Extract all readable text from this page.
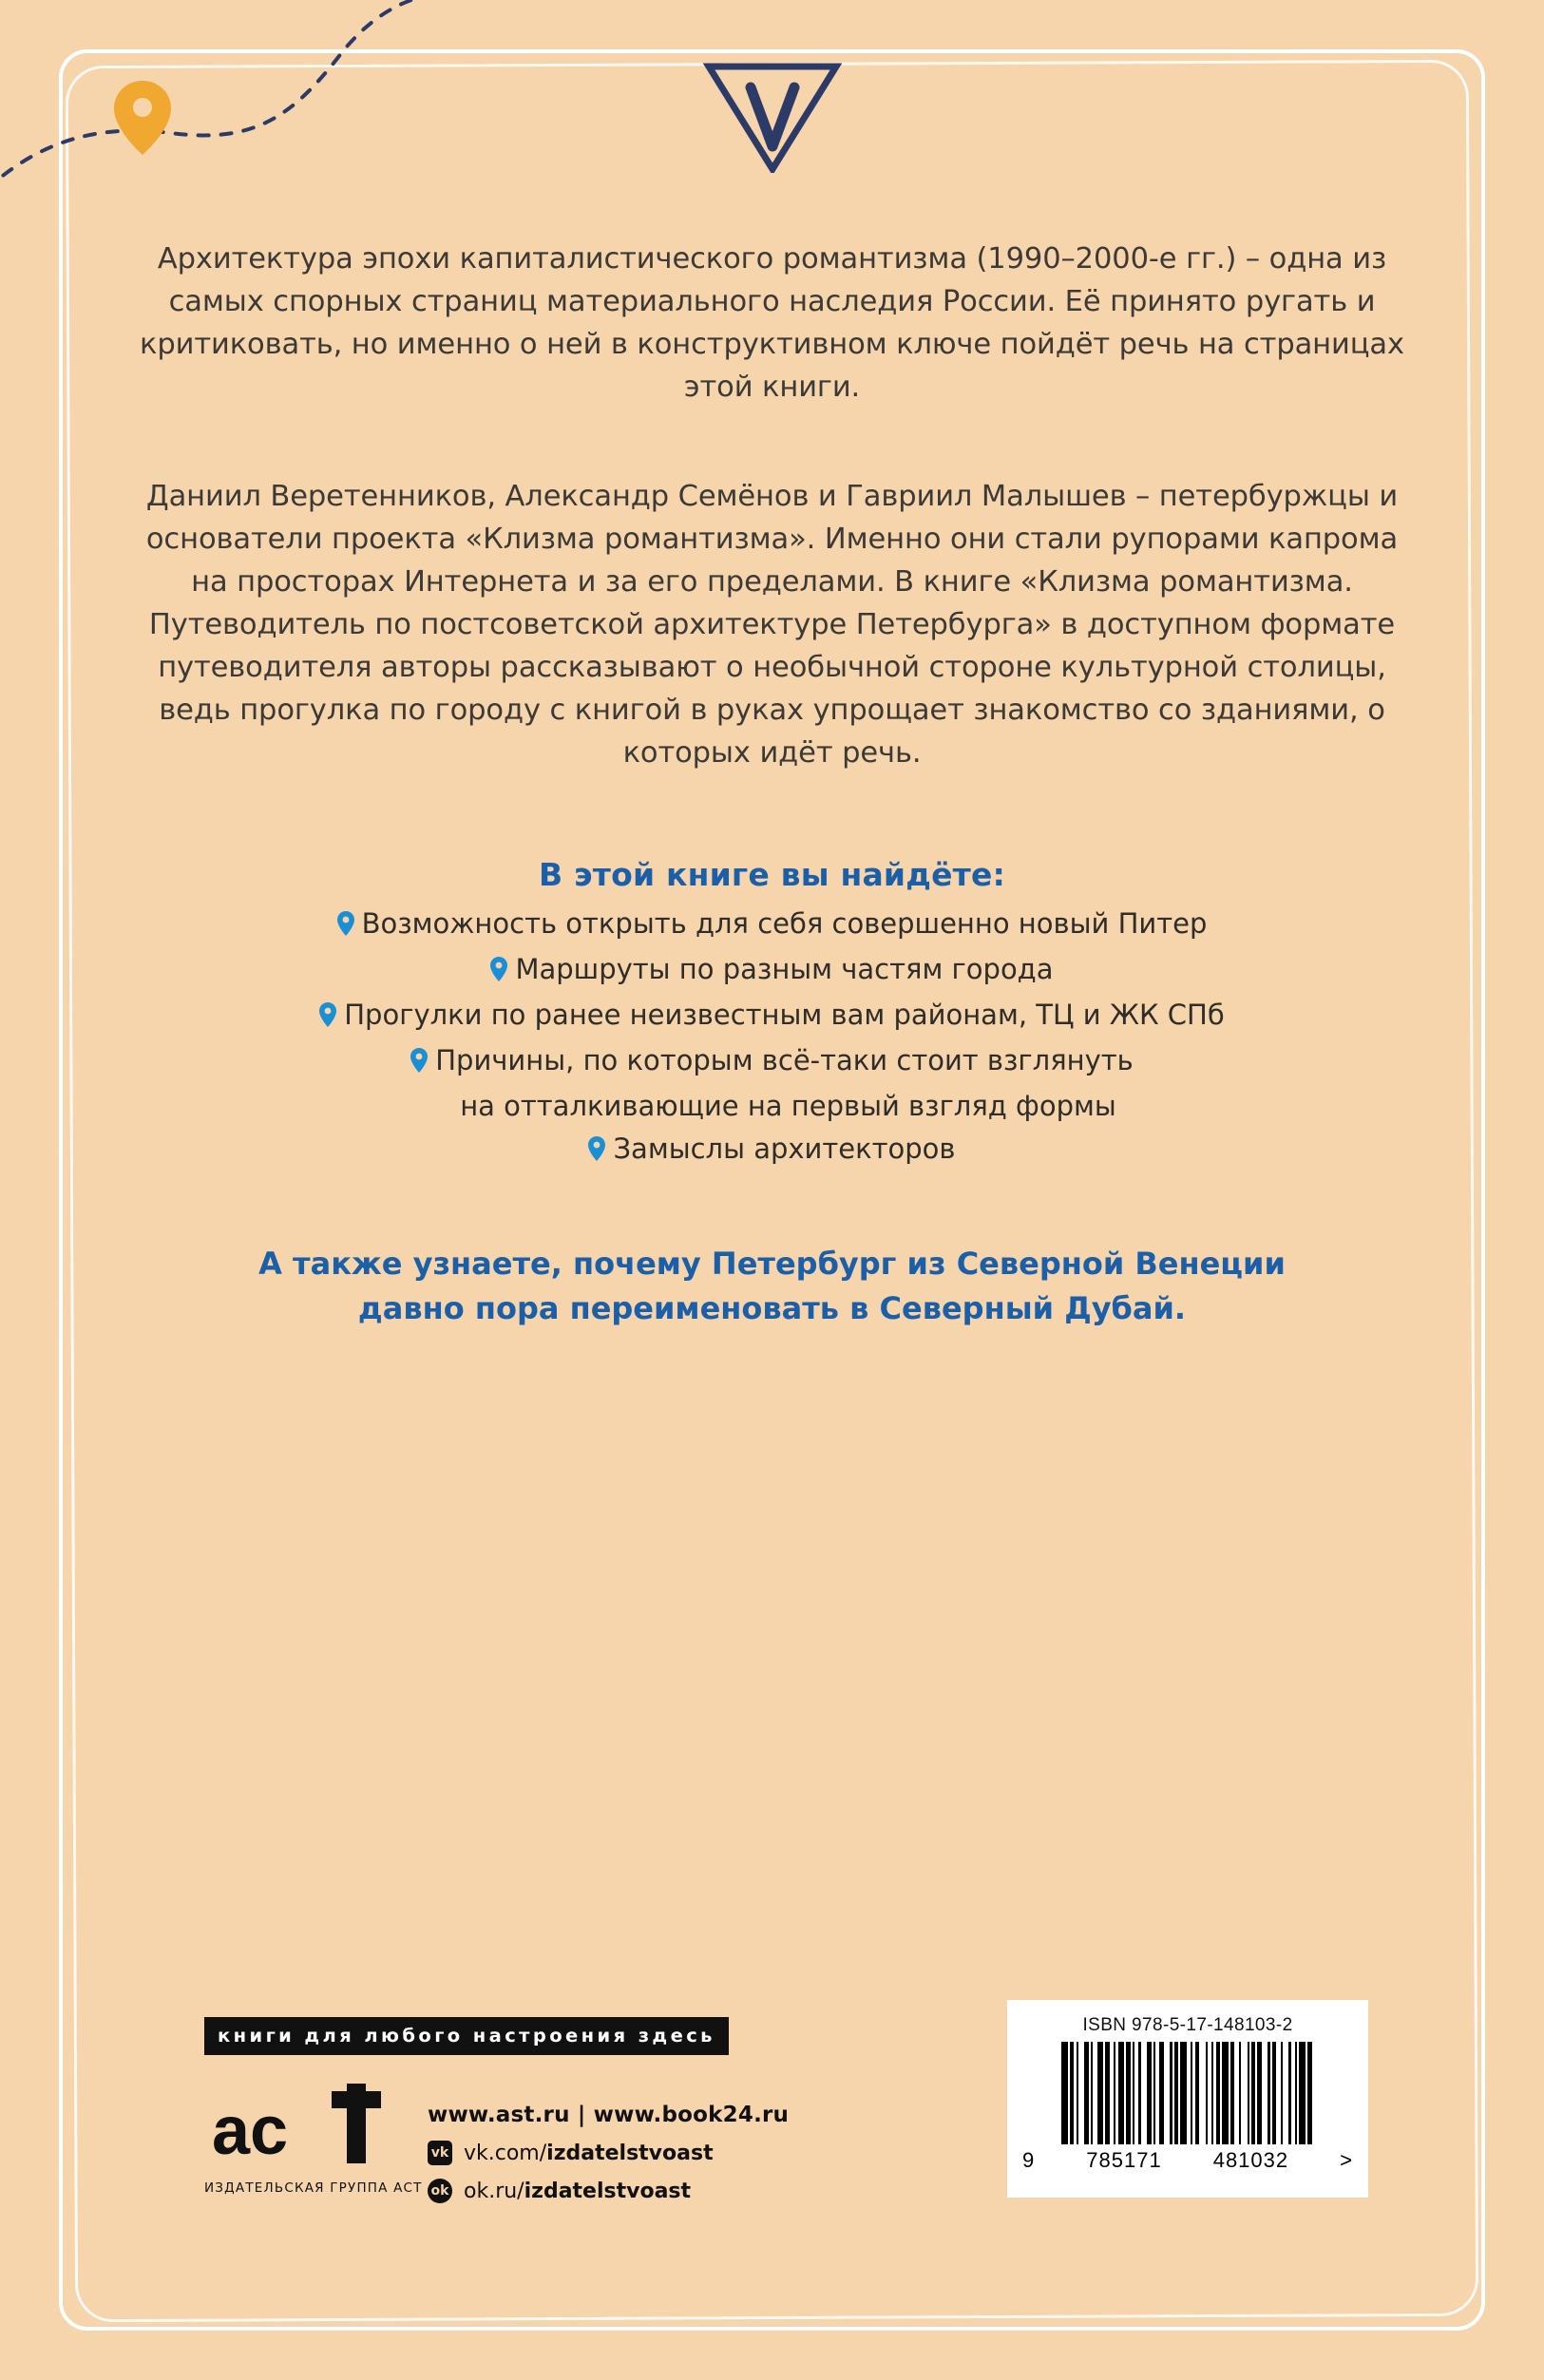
Архитектура эпохи капиталистического романтизма (1990–2000-е гг.) – одна из самых спорных страниц материального наследия России. Её принято ругать и критиковать, но именно о ней в конструктивном ключе пойдёт речь на страницах этой книги.

Даниил Веретенников, Александр Семёнов и Гавриил Малышев – петербуржцы и основатели проекта «Клизма романтизма». Именно они стали рупорами капрома на просторах Интернета и за его пределами. В книге «Клизма романтизма. Путеводитель по постсоветской архитектуре Петербурга» в доступном формате путеводителя авторы рассказывают о необычной стороне культурной столицы, ведь прогулка по городу с книгой в руках упрощает знакомство со зданиями, о которых идёт речь.

В этой книге вы найдёте:
Возможность открыть для себя совершенно новый Питер
Маршруты по разным частям города
Прогулки по ранее неизвестным вам районам, ТЦ и ЖК СПб
Причины, по которым всё-таки стоит взглянуть
на отталкивающие на первый взгляд формы
Замыслы архитекторов
А также узнаете, почему Петербург из Северной Венеции давно пора переименовать в Северный Дубай.
книги для любого настроения здесь
ас
ИЗДАТЕЛЬСКАЯ ГРУППА АСТ
www.ast.ru | www.book24.ru
vk vk.com/ izdatelstvoast
ok ok.ru/ izdatelstvoast
ISBN 978-5-17-148103-2
9 785171 481032 >
